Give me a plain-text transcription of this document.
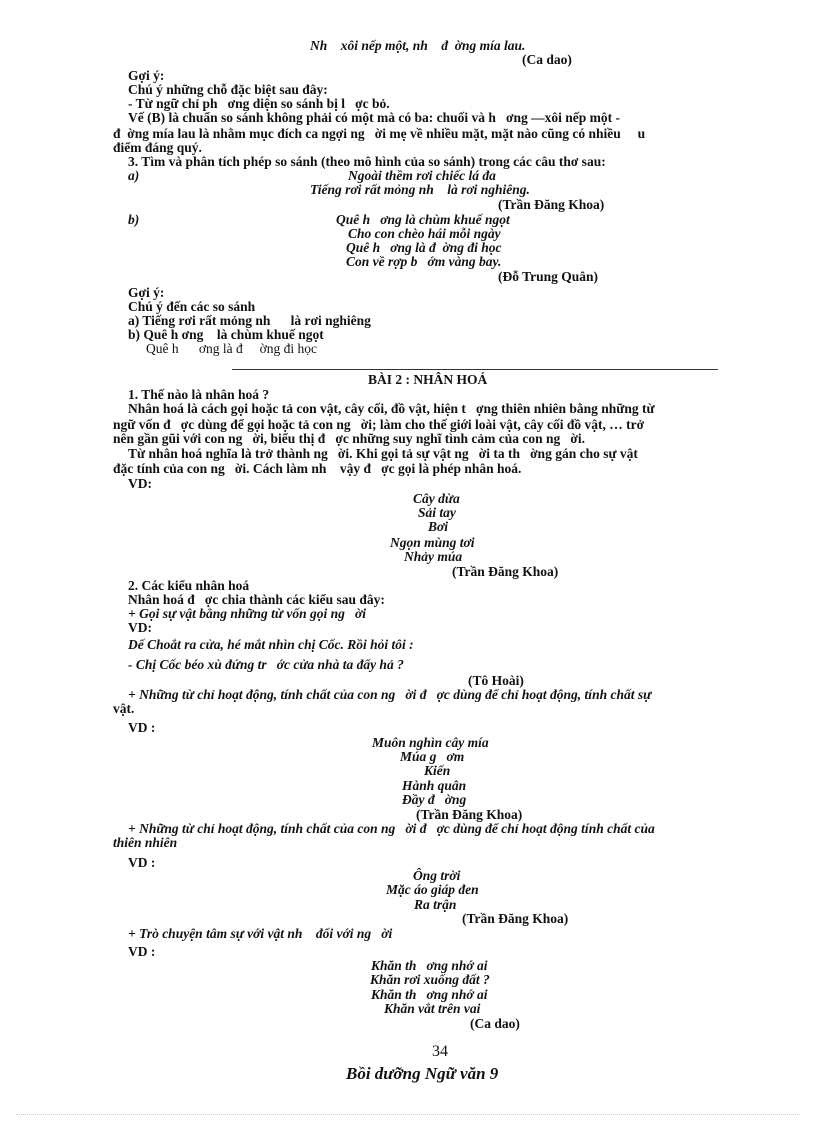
Nh    xôi nếp một, nh    đ  ờng mía lau.
(Ca dao)
Gợi ý:
Chú ý những chỗ đặc biệt sau đây:
- Từ ngữ chỉ ph   ơng diện so sánh bị l   ợc bỏ.
Vế (B) là chuẩn so sánh không phải có một mà có ba: chuối và h   ơng —xôi nếp một -
đ  ờng mía lau là nhằm mục đích ca ngợi ng   ời mẹ về nhiều mặt, mặt nào cũng có nhiều     u
điểm đáng quý.
3. Tìm và phân tích phép so sánh (theo mô hình của so sánh) trong các câu thơ sau:
a)	Ngoài thềm rơi chiếc lá đa
Tiếng rơi rất mỏng nh    là rơi nghiêng.
(Trần Đăng Khoa)
b)	Quê h   ơng là chùm khuế ngọt
Cho con chèo hái mỗi ngày
Quê h   ơng là đ  ờng đi học
Con về rợp b   ớm vàng bay.
(Đỗ Trung Quân)
Gợi ý:
Chú ý đến các so sánh
a) Tiếng rơi rất mỏng nh      là rơi nghiêng
b) Quê h ơng    là chùm khuế ngọt
Quê h      ơng là đ     ờng đi học
BÀI 2 : NHÂN HOÁ
1. Thế nào là nhân hoá ?
Nhân hoá là cách gọi hoặc tả con vật, cây cối, đồ vật, hiện t   ợng thiên nhiên bằng những từ
ngữ vốn đ   ợc dùng để gọi hoặc tả con ng   ời; làm cho thế giới loài vật, cây cối đồ vật, … trở
nên gần gũi với con ng   ời, biểu thị đ   ợc những suy nghĩ tình cảm của con ng   ời.
Từ nhân hoá nghĩa là trở thành ng   ời. Khi gọi tả sự vật ng   ời ta th   ờng gán cho sự vật
đặc tính của con ng   ời. Cách làm nh    vậy đ   ợc gọi là phép nhân hoá.
VD:
Cây dừa
Sải tay
Bơi
Ngọn mùng tơi
Nhảy múa
(Trần Đăng Khoa)
2. Các kiểu nhân hoá
Nhân hoá đ   ợc chia thành các kiểu sau đây:
+ Gọi sự vật bằng những từ vốn gọi ng   ời
VD:
Dế Choắt ra cửa, hé mắt nhìn chị Cốc. Rồi hỏi tôi :
- Chị Cốc béo xù đứng tr   ớc cửa nhà ta đấy hả ?
(Tô Hoài)
+ Những từ chỉ hoạt động, tính chất của con ng   ời đ   ợc dùng để chỉ hoạt động, tính chất sự
vật.
VD :
Muôn nghìn cây mía
Múa g   ơm
Kiến
Hành quân
Đầy đ   ờng
(Trần Đăng Khoa)
+ Những từ chỉ hoạt động, tính chất của con ng   ời đ   ợc dùng để chỉ hoạt động tính chất của
thiên nhiên
VD :
Ông trời
Mặc áo giáp đen
Ra trận
(Trần Đăng Khoa)
+ Trò chuyện tâm sự với vật nh    đối với ng   ời
VD :
Khăn th   ơng nhớ ai
Khăn rơi xuống đất ?
Khăn th   ơng nhớ ai
Khăn vắt trên vai
(Ca dao)
34
Bồi dưỡng Ngữ văn 9
